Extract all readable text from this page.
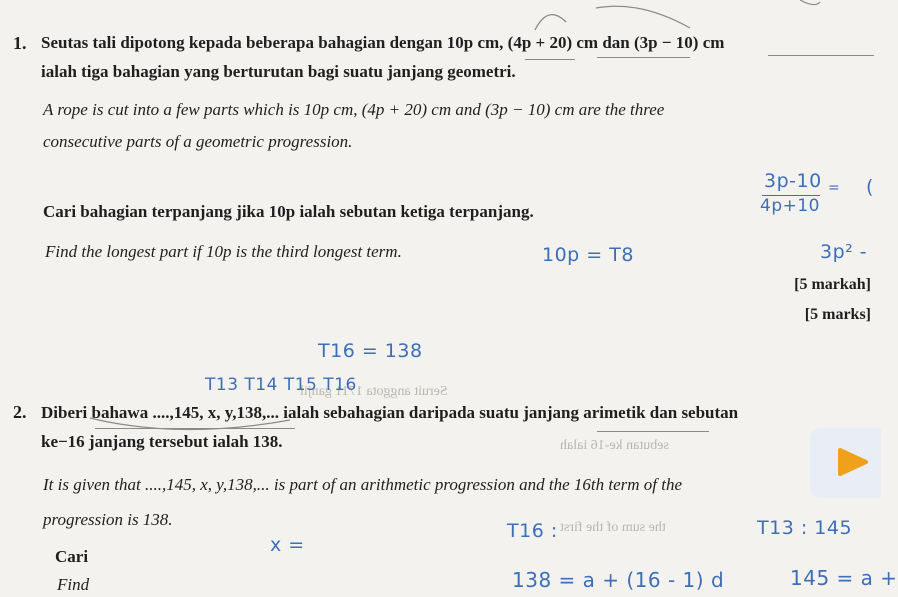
Seruit anggota 1711 ganjil
sebutan ke-16 ialah
the sum of the first
1. Seutas tali dipotong kepada beberapa bahagian dengan 10p cm, (4p + 20) cm dan (3p − 10) cm
ialah tiga bahagian yang berturutan bagi suatu janjang geometri.
A rope is cut into a few parts which is 10p cm, (4p + 20) cm and (3p − 10) cm are the three
consecutive parts of a geometric progression.
Cari bahagian terpanjang jika 10p ialah sebutan ketiga terpanjang.
Find the longest part if 10p is the third longest term.
[5 markah]
[5 marks]
2. Diberi bahawa ....,145, x, y,138,... ialah sebahagian daripada suatu janjang arimetik dan sebutan
ke−16 janjang tersebut ialah 138.
It is given that ....,145, x, y,138,... is part of an arithmetic progression and the 16th term of the
progression is 138.
Cari
Find
3p-10
4p+10
= (
10p = T8	3p² -
T16 = 138
T13 T14 T15 T16
T16 :	T13 : 145
x =
138 = a + (16 - 1) d	145 = a +
